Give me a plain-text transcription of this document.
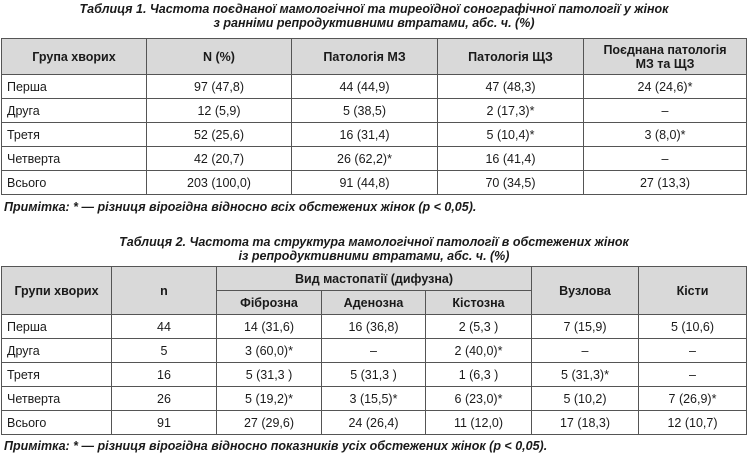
Таблиця 1. Частота поєднаної мамологічної та тиреоїдної сонографічної патології у жінок
з ранніми репродуктивними втратами, абс. ч. (%)
Група хворих	N (%)	Патологія МЗ	Патологія ЩЗ	Поєднана патологія
МЗ та ЩЗ

Перша	97 (47,8)	44 (44,9)	47 (48,3)	24 (24,6)*
Друга	12 (5,9)	5 (38,5)	2 (17,3)*	–
Третя	52 (25,6)	16 (31,4)	5 (10,4)*	3 (8,0)*
Четверта	42 (20,7)	26 (62,2)*	16 (41,4)	–
Всього	203 (100,0)	91 (44,8)	70 (34,5)	27 (13,3)
Примітка: * — різниця вірогідна відносно всіх обстежених жінок (р < 0,05).
Таблиця 2. Частота та структура мамологічної патології в обстежених жінок
із репродуктивними втратами, абс. ч. (%)
Групи хворих	n	Вид мастопатії (дифузна)			Вузлова	Кісти
		Фіброзна	Аденозна	Кістозна		
Перша	44	14 (31,6)	16 (36,8)	2 (5,3 )	7 (15,9)	5 (10,6)
Друга	5	3 (60,0)*	–	2 (40,0)*	–	–
Третя	16	5 (31,3 )	5 (31,3 )	1 (6,3 )	5 (31,3)*	–
Четверта	26	5 (19,2)*	3 (15,5)*	6 (23,0)*	5 (10,2)	7 (26,9)*
Всього	91	27 (29,6)	24 (26,4)	11 (12,0)	17 (18,3)	12 (10,7)
Примітка: * — різниця вірогідна відносно показників усіх обстежених жінок (р < 0,05).
